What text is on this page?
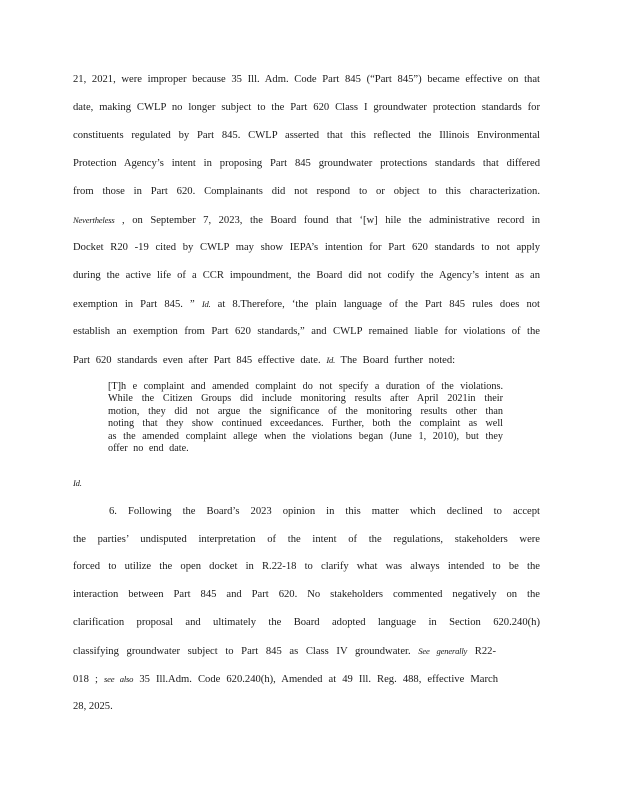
21, 2021, were improper because 35 Ill. Adm. Code Part 845 (“Part 845”) became effective on that
date, making CWLP no longer subject to the Part 620 Class I groundwater protection standards for
constituents regulated by Part 845. CWLP asserted that this reflected the Illinois Environmental
Protection Agency’s intent in proposing Part 845 groundwater protections standards that differed
from those in Part 620. Complainants did not respond to or object to this characterization.
Nevertheless , on September 7, 2023, the Board found that ‘[w] hile the administrative record in
Docket R20 -19 cited by CWLP may show IEPA’s intention for Part 620 standards to not apply
during the active life of a CCR impoundment, the Board did not codify the Agency’s intent as an
exemption in Part 845. ” Id. at 8.Therefore, ‘the plain language of the Part 845 rules does not
establish an exemption from Part 620 standards,” and CWLP remained liable for violations of the
Part 620 standards even after Part 845 effective date. Id. The Board further noted:
[T]h e complaint and amended complaint do not specify a duration of the violations.
While the Citizen Groups did include monitoring results after April 2021in their
motion, they did not argue the significance of the monitoring results other than
noting that they show continued exceedances. Further, both the complaint as well
as the amended complaint allege when the violations began (June 1, 2010), but they
offer no end date.
Id.
6. Following the Board’s 2023 opinion in this matter which declined to accept
the parties’ undisputed interpretation of the intent of the regulations, stakeholders were
forced to utilize the open docket in R.22-18 to clarify what was always intended to be the
interaction between Part 845 and Part 620. No stakeholders commented negatively on the
clarification proposal and ultimately the Board adopted language in Section 620.240(h)
classifying groundwater subject to Part 845 as Class IV groundwater. See generally R22-
018 ; see also 35 Ill.Adm. Code 620.240(h), Amended at 49 Ill. Reg. 488, effective March
28, 2025.
